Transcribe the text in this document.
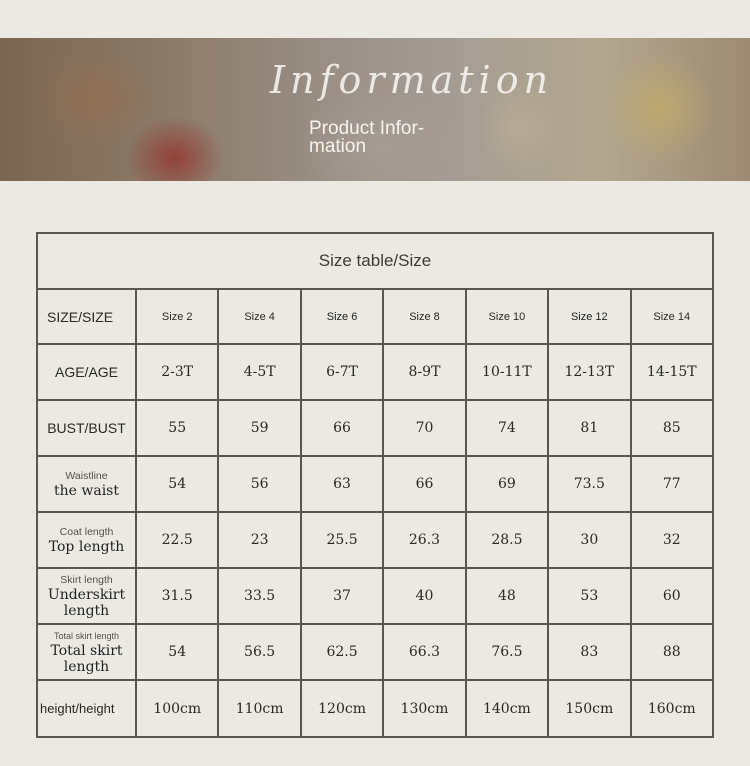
Information
Product Infor-
mation
Size table/Size							
SIZE/SIZE	Size 2	Size 4	Size 6	Size 8	Size 10	Size 12	Size 14
AGE/AGE	2-3T	4-5T	6-7T	8-9T	10-11T	12-13T	14-15T
BUST/BUST	55	59	66	70	74	81	85

Waistline
the waist	54	56	63	66	69	73.5	77

Coat length
Top length	22.5	23	25.5	26.3	28.5	30	32

Skirt length
Underskirt length	31.5	33.5	37	40	48	53	60

Total skirt length
Total skirt length	54	56.5	62.5	66.3	76.5	83	88
height/height	100cm	110cm	120cm	130cm	140cm	150cm	160cm
